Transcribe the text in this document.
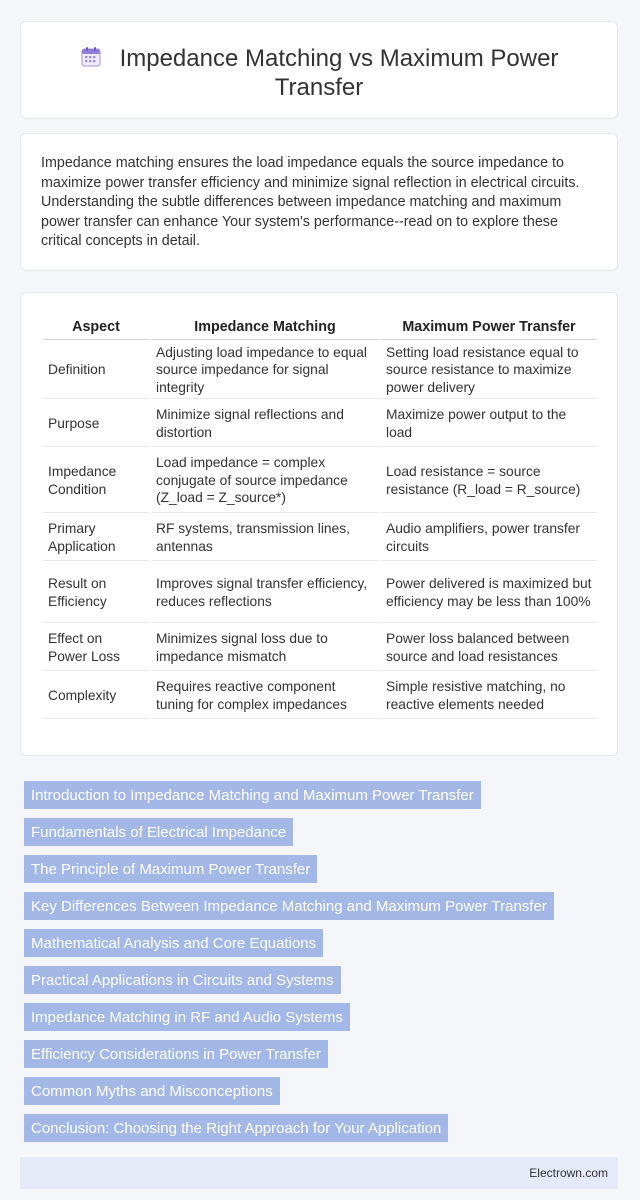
Impedance Matching vs Maximum Power Transfer
Impedance matching ensures the load impedance equals the source impedance to maximize power transfer efficiency and minimize signal reflection in electrical circuits. Understanding the subtle differences between impedance matching and maximum power transfer can enhance Your system's performance--read on to explore these critical concepts in detail.
Aspect	Impedance Matching	Maximum Power Transfer
Definition	Adjusting load impedance to equal source impedance for signal integrity	Setting load resistance equal to source resistance to maximize power delivery
Purpose	Minimize signal reflections and distortion	Maximize power output to the load
Impedance Condition	Load impedance = complex conjugate of source impedance (Z_load = Z_source*)	Load resistance = source resistance (R_load = R_source)
Primary Application	RF systems, transmission lines, antennas	Audio amplifiers, power transfer circuits
Result on Efficiency	Improves signal transfer efficiency, reduces reflections	Power delivered is maximized but efficiency may be less than 100%
Effect on Power Loss	Minimizes signal loss due to impedance mismatch	Power loss balanced between source and load resistances
Complexity	Requires reactive component tuning for complex impedances	Simple resistive matching, no reactive elements needed
Introduction to Impedance Matching and Maximum Power Transfer
Fundamentals of Electrical Impedance
The Principle of Maximum Power Transfer
Key Differences Between Impedance Matching and Maximum Power Transfer
Mathematical Analysis and Core Equations
Practical Applications in Circuits and Systems
Impedance Matching in RF and Audio Systems
Efficiency Considerations in Power Transfer
Common Myths and Misconceptions
Conclusion: Choosing the Right Approach for Your Application
Electrown.com
